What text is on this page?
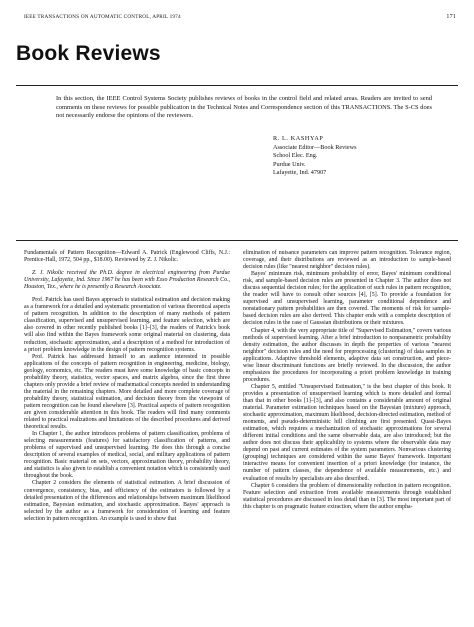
IEEE TRANSACTIONS ON AUTOMATIC CONTROL, APRIL 1974	171
Book Reviews
In this section, the IEEE Control Systems Society publishes reviews of books in the control field and related areas. Readers are invited to send comments on these reviews for possible publication in the Technical Notes and Correspondence section of this TRANSACTIONS. The S-CS does not necessarily endorse the opinions of the reviewers.
R. L. KASHYAP
Associate Editor—Book Reviews
School Elec. Eng.
Purdue Univ.
Lafayette, Ind. 47907

Fundamentals of Pattern Recognition—Edward A. Patrick (Englewood Cliffs, N.J.: Prentice-Hall, 1972, 504 pp., $18.00). Reviewed by Z. J. Nikolic.

Z. J. Nikolic received the Ph.D. degree in electrical engineering from Purdue University, Lafayette, Ind. Since 1967 he has been with Esso Production Research Co., Houston, Tex., where he is presently a Research Associate.

Prof. Patrick has used Bayes approach to statistical estimation and decision making as a framework for a detailed and systematic presentation of various theoretical aspects of pattern recognition. In addition to the description of many methods of pattern classification, supervised and unsupervised learning, and feature selection, which are also covered in other recently published books [1]–[3], the readers of Patrick's book will also find within the Bayes framework some original material on clustering, data reduction, stochastic approximation, and a description of a method for introduction of a priori problem knowledge in the design of pattern recognition systems.

Prof. Patrick has addressed himself to an audience interested in possible applications of the concepts of pattern recognition in engineering, medicine, biology, geology, economics, etc. The readers must have some knowledge of basic concepts in probability theory, statistics, vector spaces, and matrix algebra, since the first three chapters only provide a brief review of mathematical concepts needed in understanding the material in the remaining chapters. More detailed and more complete coverage of probability theory, statistical estimation, and decision theory from the viewpoint of pattern recognition can be found elsewhere [3]. Practical aspects of pattern recognition are given considerable attention in this book. The readers will find many comments related to practical realizations and limitations of the described procedures and derived theoretical results.

In Chapter 1, the author introduces problems of pattern classification, problems of selecting measurements (features) for satisfactory classification of patterns, and problems of supervised and unsupervised learning. He does this through a concise description of several examples of medical, social, and military applications of pattern recognition. Basic material on sets, vectors, approximation theory, probability theory, and statistics is also given to establish a convenient notation which is consistently used throughout the book.

Chapter 2 considers the elements of statistical estimation. A brief discussion of convergence, consistency, bias, and efficiency of the estimators is followed by a detailed presentation of the differences and relationships between maximum likelihood estimation, Bayesian estimation, and stochastic approximation. Bayes' approach is selected by the author as a framework for consideration of learning and feature selection in pattern recognition. An example is used to show that

elimination of nuisance parameters can improve pattern recognition. Tolerance region, coverage, and their distributions are reviewed as an introduction to sample-based decision rules (like "nearest neighbor" decision rules).

Bayes' minimum risk, minimum probability of error, Bayes' minimum conditional risk, and sample-based decision rules are presented in Chapter 3. The author does not discuss sequential decision rules; for the application of such rules in pattern recognition, the reader will have to consult other sources [4], [5]. To provide a foundation for supervised and unsupervised learning, parameter conditional dependence and nonstationary pattern probabilities are then covered. The moments of risk for sample-based decision rules are also derived. This chapter ends with a complete description of decision rules in the case of Gaussian distributions or their mixtures.

Chapter 4, with the very appropriate title of "Supervised Estimation," covers various methods of supervised learning. After a brief introduction to nonparametric probability density estimation, the author discusses in depth the properties of various "nearest neighbor" decision rules and the need for preprocessing (clustering) of data samples in applications. Adaptive threshold elements, adaptive data set construction, and piece-wise linear discriminant functions are briefly reviewed. In the discussion, the author emphasizes the procedures for incorporating a priori problem knowledge in training procedures.

Chapter 5, entitled "Unsupervised Estimation," is the best chapter of this book. It provides a presentation of unsupervised learning which is more detailed and formal than that in other books [1]–[3], and also contains a considerable amount of original material. Parameter estimation techniques based on the Bayesian (mixture) approach, stochastic approximation, maximum likelihood, decision-directed estimation, method of moments, and pseudo-deterministic hill climbing are first presented. Quasi-Bayes estimation, which requires a mechanization of stochastic approximations for several different initial conditions and the same observable data, are also introduced; but the author does not discuss their applicability to systems where the observable data may depend on past and current estimates of the system parameters. Nonvarious clustering (grouping) techniques are considered within the same Bayes' framework. Important interactive means for convenient insertion of a priori knowledge (for instance, the number of pattern classes, the dependence of available measurements, etc.) and evaluation of results by specialists are also described.

Chapter 6 considers the problem of dimensionality reduction in pattern recognition. Feature selection and extraction from available measurements through established statistical procedures are discussed in less detail than in [3]. The most important part of this chapter is on pragmatic feature extraction, where the author empha-
